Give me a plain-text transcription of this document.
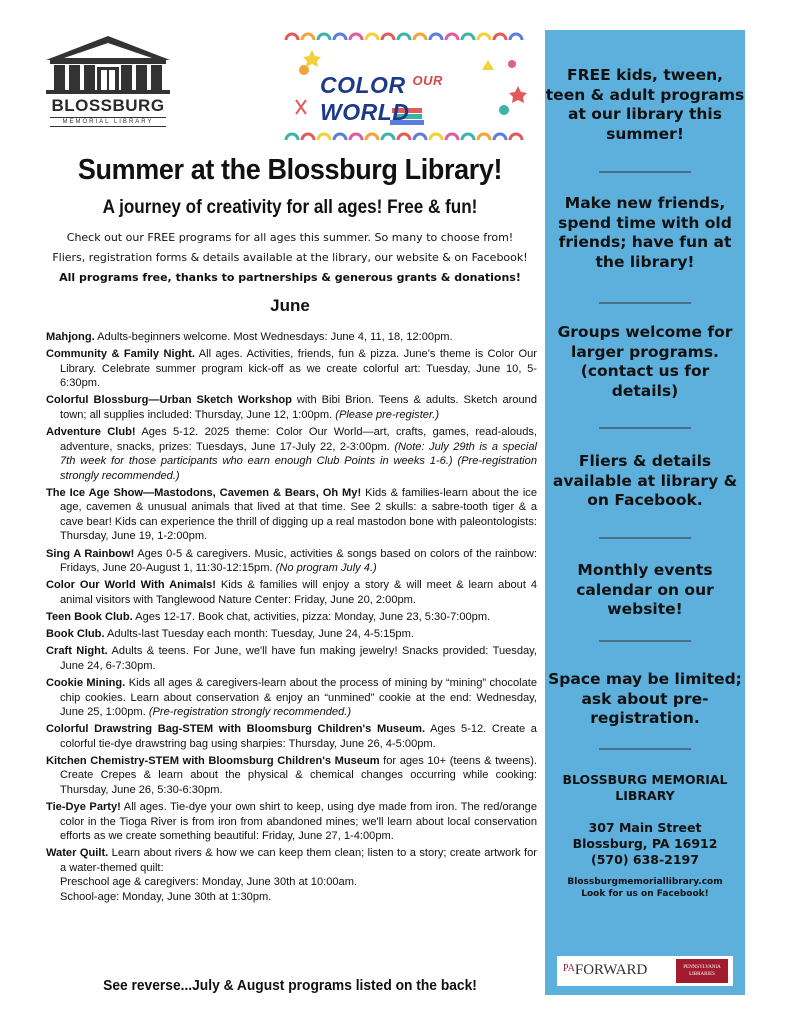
BLOSSBURG
MEMORIAL LIBRARY
COLOR $^{OUR}$ WORLD
Summer at the Blossburg Library!
A journey of creativity for all ages! Free & fun!
Check out our FREE programs for all ages this summer. So many to choose from!
Fliers, registration forms & details available at the library, our website & on Facebook!
All programs free, thanks to partnerships & generous grants & donations!
June

Mahjong. Adults-beginners welcome. Most Wednesdays: June 4, 11, 18, 12:00pm.

Community & Family Night. All ages. Activities, friends, fun & pizza. June's theme is Color Our Library. Celebrate summer program kick-off as we create colorful art: Tuesday, June 10, 5-6:30pm.

Colorful Blossburg—Urban Sketch Workshop with Bibi Brion. Teens & adults. Sketch around town; all supplies included: Thursday, June 12, 1:00pm. (Please pre-register.)

Adventure Club! Ages 5-12. 2025 theme: Color Our World—art, crafts, games, read-alouds, adventure, snacks, prizes: Tuesdays, June 17-July 22, 2-3:00pm. (Note: July 29th is a special 7th week for those participants who earn enough Club Points in weeks 1-6.) (Pre-registration strongly recommended.)

The Ice Age Show—Mastodons, Cavemen & Bears, Oh My! Kids & families-learn about the ice age, cavemen & unusual animals that lived at that time. See 2 skulls: a sabre-tooth tiger & a cave bear! Kids can experience the thrill of digging up a real mastodon bone with paleontologists: Thursday, June 19, 1-2:00pm.

Sing A Rainbow! Ages 0-5 & caregivers. Music, activities & songs based on colors of the rainbow: Fridays, June 20-August 1, 11:30-12:15pm. (No program July 4.)

Color Our World With Animals! Kids & families will enjoy a story & will meet & learn about 4 animal visitors with Tanglewood Nature Center: Friday, June 20, 2:00pm.

Teen Book Club. Ages 12-17. Book chat, activities, pizza: Monday, June 23, 5:30-7:00pm.

Book Club. Adults-last Tuesday each month: Tuesday, June 24, 4-5:15pm.

Craft Night. Adults & teens. For June, we'll have fun making jewelry! Snacks provided: Tuesday, June 24, 6-7:30pm.

Cookie Mining. Kids all ages & caregivers-learn about the process of mining by “mining” chocolate chip cookies. Learn about conservation & enjoy an “unmined” cookie at the end: Wednesday, June 25, 1:00pm. (Pre-registration strongly recommended.)

Colorful Drawstring Bag-STEM with Bloomsburg Children's Museum. Ages 5-12. Create a colorful tie-dye drawstring bag using sharpies: Thursday, June 26, 4-5:00pm.

Kitchen Chemistry-STEM with Bloomsburg Children's Museum for ages 10+ (teens & tweens). Create Crepes & learn about the physical & chemical changes occurring while cooking: Thursday, June 26, 5:30-6:30pm.

Tie-Dye Party! All ages. Tie-dye your own shirt to keep, using dye made from iron. The red/orange color in the Tioga River is from iron from abandoned mines; we'll learn about local conservation efforts as we create something beautiful: Friday, June 27, 1-4:00pm.

Water Quilt. Learn about rivers & how we can keep them clean; listen to a story; create artwork for a water-themed quilt:
Preschool age & caregivers: Monday, June 30th at 10:00am.
School-age: Monday, June 30th at 1:30pm.

See reverse...July & August programs listed on the back!
FREE kids, tween, teen & adult programs at our library this summer!
Make new friends, spend time with old friends; have fun at the library!
Groups welcome for larger programs. (contact us for details)
Fliers & details available at library & on Facebook.
Monthly events calendar on our website!
Space may be limited; ask about pre-registration.
BLOSSBURG MEMORIAL LIBRARY
307 Main Street
Blossburg, PA 16912
(570) 638-2197
Blossburgmemoriallibrary.com
Look for us on Facebook!
$^{PA}$FORWARD	PENNSYLVANIA LIBRARIES
